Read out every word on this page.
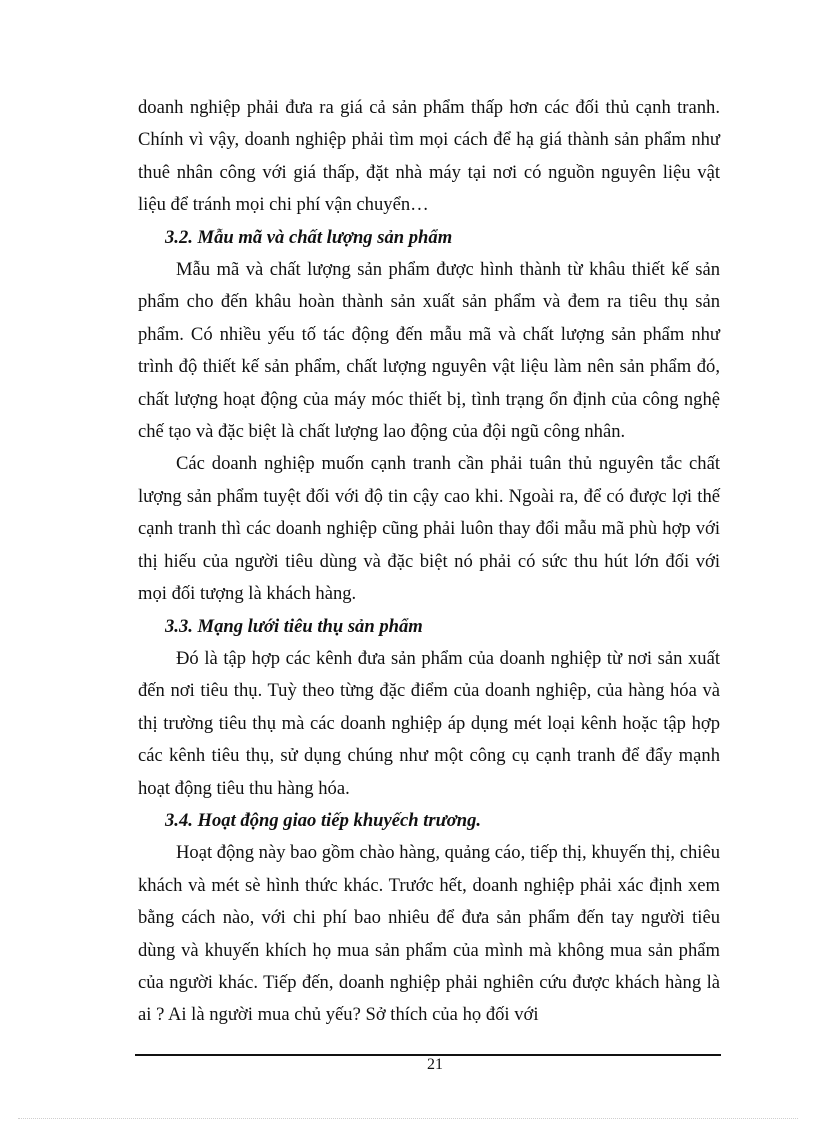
doanh nghiệp phải đưa ra giá cả sản phẩm thấp hơn các đối thủ cạnh tranh. Chính vì vậy, doanh nghiệp phải tìm mọi cách để hạ giá thành sản phẩm như thuê nhân công với giá thấp, đặt nhà máy tại nơi có nguồn nguyên liệu vật liệu để tránh mọi chi phí vận chuyển…

3.2. Mẫu mã và chất lượng sản phẩm

Mẫu mã và chất lượng sản phẩm được hình thành từ khâu thiết kế sản phẩm cho đến khâu hoàn thành sản xuất sản phẩm và đem ra tiêu thụ sản phẩm. Có nhiều yếu tố tác động đến mẫu mã và chất lượng sản phẩm như trình độ thiết kế sản phẩm, chất lượng nguyên vật liệu làm nên sản phẩm đó, chất lượng hoạt động của máy móc thiết bị, tình trạng ổn định của công nghệ chế tạo và đặc biệt là chất lượng lao động của đội ngũ công nhân.

Các doanh nghiệp muốn cạnh tranh cần phải tuân thủ nguyên tắc chất lượng sản phẩm tuyệt đối với độ tin cậy cao khi. Ngoài ra, để có được lợi thế cạnh tranh thì các doanh nghiệp cũng phải luôn thay đổi mẫu mã phù hợp với thị hiếu của người tiêu dùng và đặc biệt nó phải có sức thu hút lớn đối với mọi đối tượng là khách hàng.

3.3. Mạng lưới tiêu thụ sản phẩm

Đó là tập hợp các kênh đưa sản phẩm của doanh nghiệp từ nơi sản xuất đến nơi tiêu thụ. Tuỳ theo từng đặc điểm của doanh nghiệp, của hàng hóa và thị trường tiêu thụ mà các doanh nghiệp áp dụng mét loại kênh hoặc tập hợp các kênh tiêu thụ, sử dụng chúng như một công cụ cạnh tranh để đẩy mạnh hoạt động tiêu thu hàng hóa.

3.4. Hoạt động giao tiếp khuyếch trương.

Hoạt động này bao gồm chào hàng, quảng cáo, tiếp thị, khuyến thị, chiêu khách và mét sè hình thức khác. Trước hết, doanh nghiệp phải xác định xem bằng cách nào, với chi phí bao nhiêu để đưa sản phẩm đến tay người tiêu dùng và khuyến khích họ mua sản phẩm của mình mà không mua sản phẩm của người khác. Tiếp đến, doanh nghiệp phải nghiên cứu được khách hàng là ai ? Ai là người mua chủ yếu? Sở thích của họ đối với

21
